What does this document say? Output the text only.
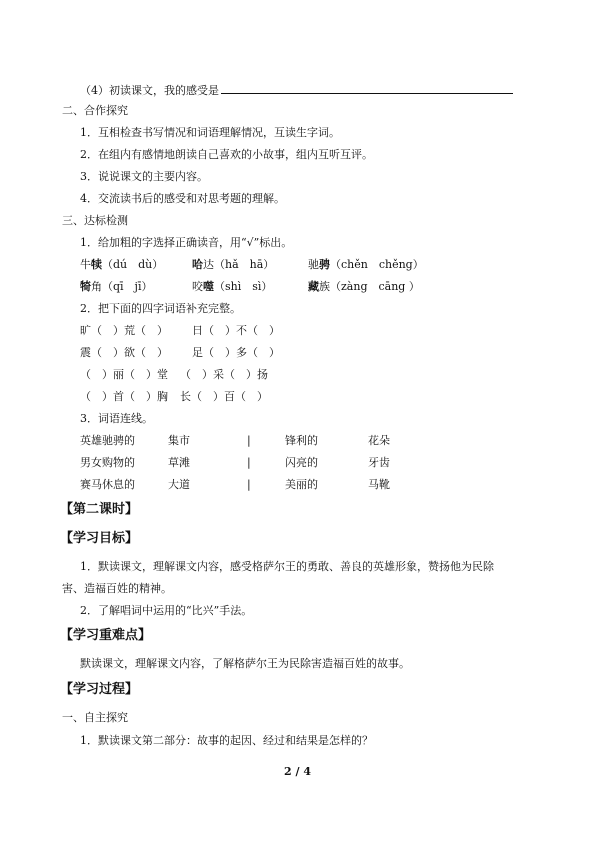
（4）初读课文，我的感受是
二、合作探究
1．互相检查书写情况和词语理解情况，互读生字词。
2．在组内有感情地朗读自己喜欢的小故事，组内互听互评。
3．说说课文的主要内容。
4．交流读书后的感受和对思考题的理解。
三、达标检测
1．给加粗的字选择正确读音，用“√”标出。
牛犊（dú　dù）	哈达（hǎ　hā）	驰骋（chěn　chěng）
犄角（qī　jī）	咬噬（shì　sì）	藏族（zàng　cāng ）
2．把下面的四字词语补充完整。
旷（　）荒（　） 日（　）不（　）
震（　）欲（　） 足（　）多（　）
（　）丽（　）堂 （　）采（　）扬
（　）首（　）胸 长（　）百（　）
3．词语连线。
英雄驰骋的	集市	|	锋利的	花朵
男女购物的	草滩	|	闪亮的	牙齿
赛马休息的	大道	|	美丽的	马靴
【第二课时】
【学习目标】
1．默读课文，理解课文内容，感受格萨尔王的勇敢、善良的英雄形象，赞扬他为民除
害、造福百姓的精神。
2．了解唱词中运用的“比兴”手法。
【学习重难点】
默读课文，理解课文内容，了解格萨尔王为民除害造福百姓的故事。
【学习过程】
一、自主探究
1．默读课文第二部分：故事的起因、经过和结果是怎样的？
2 / 4
